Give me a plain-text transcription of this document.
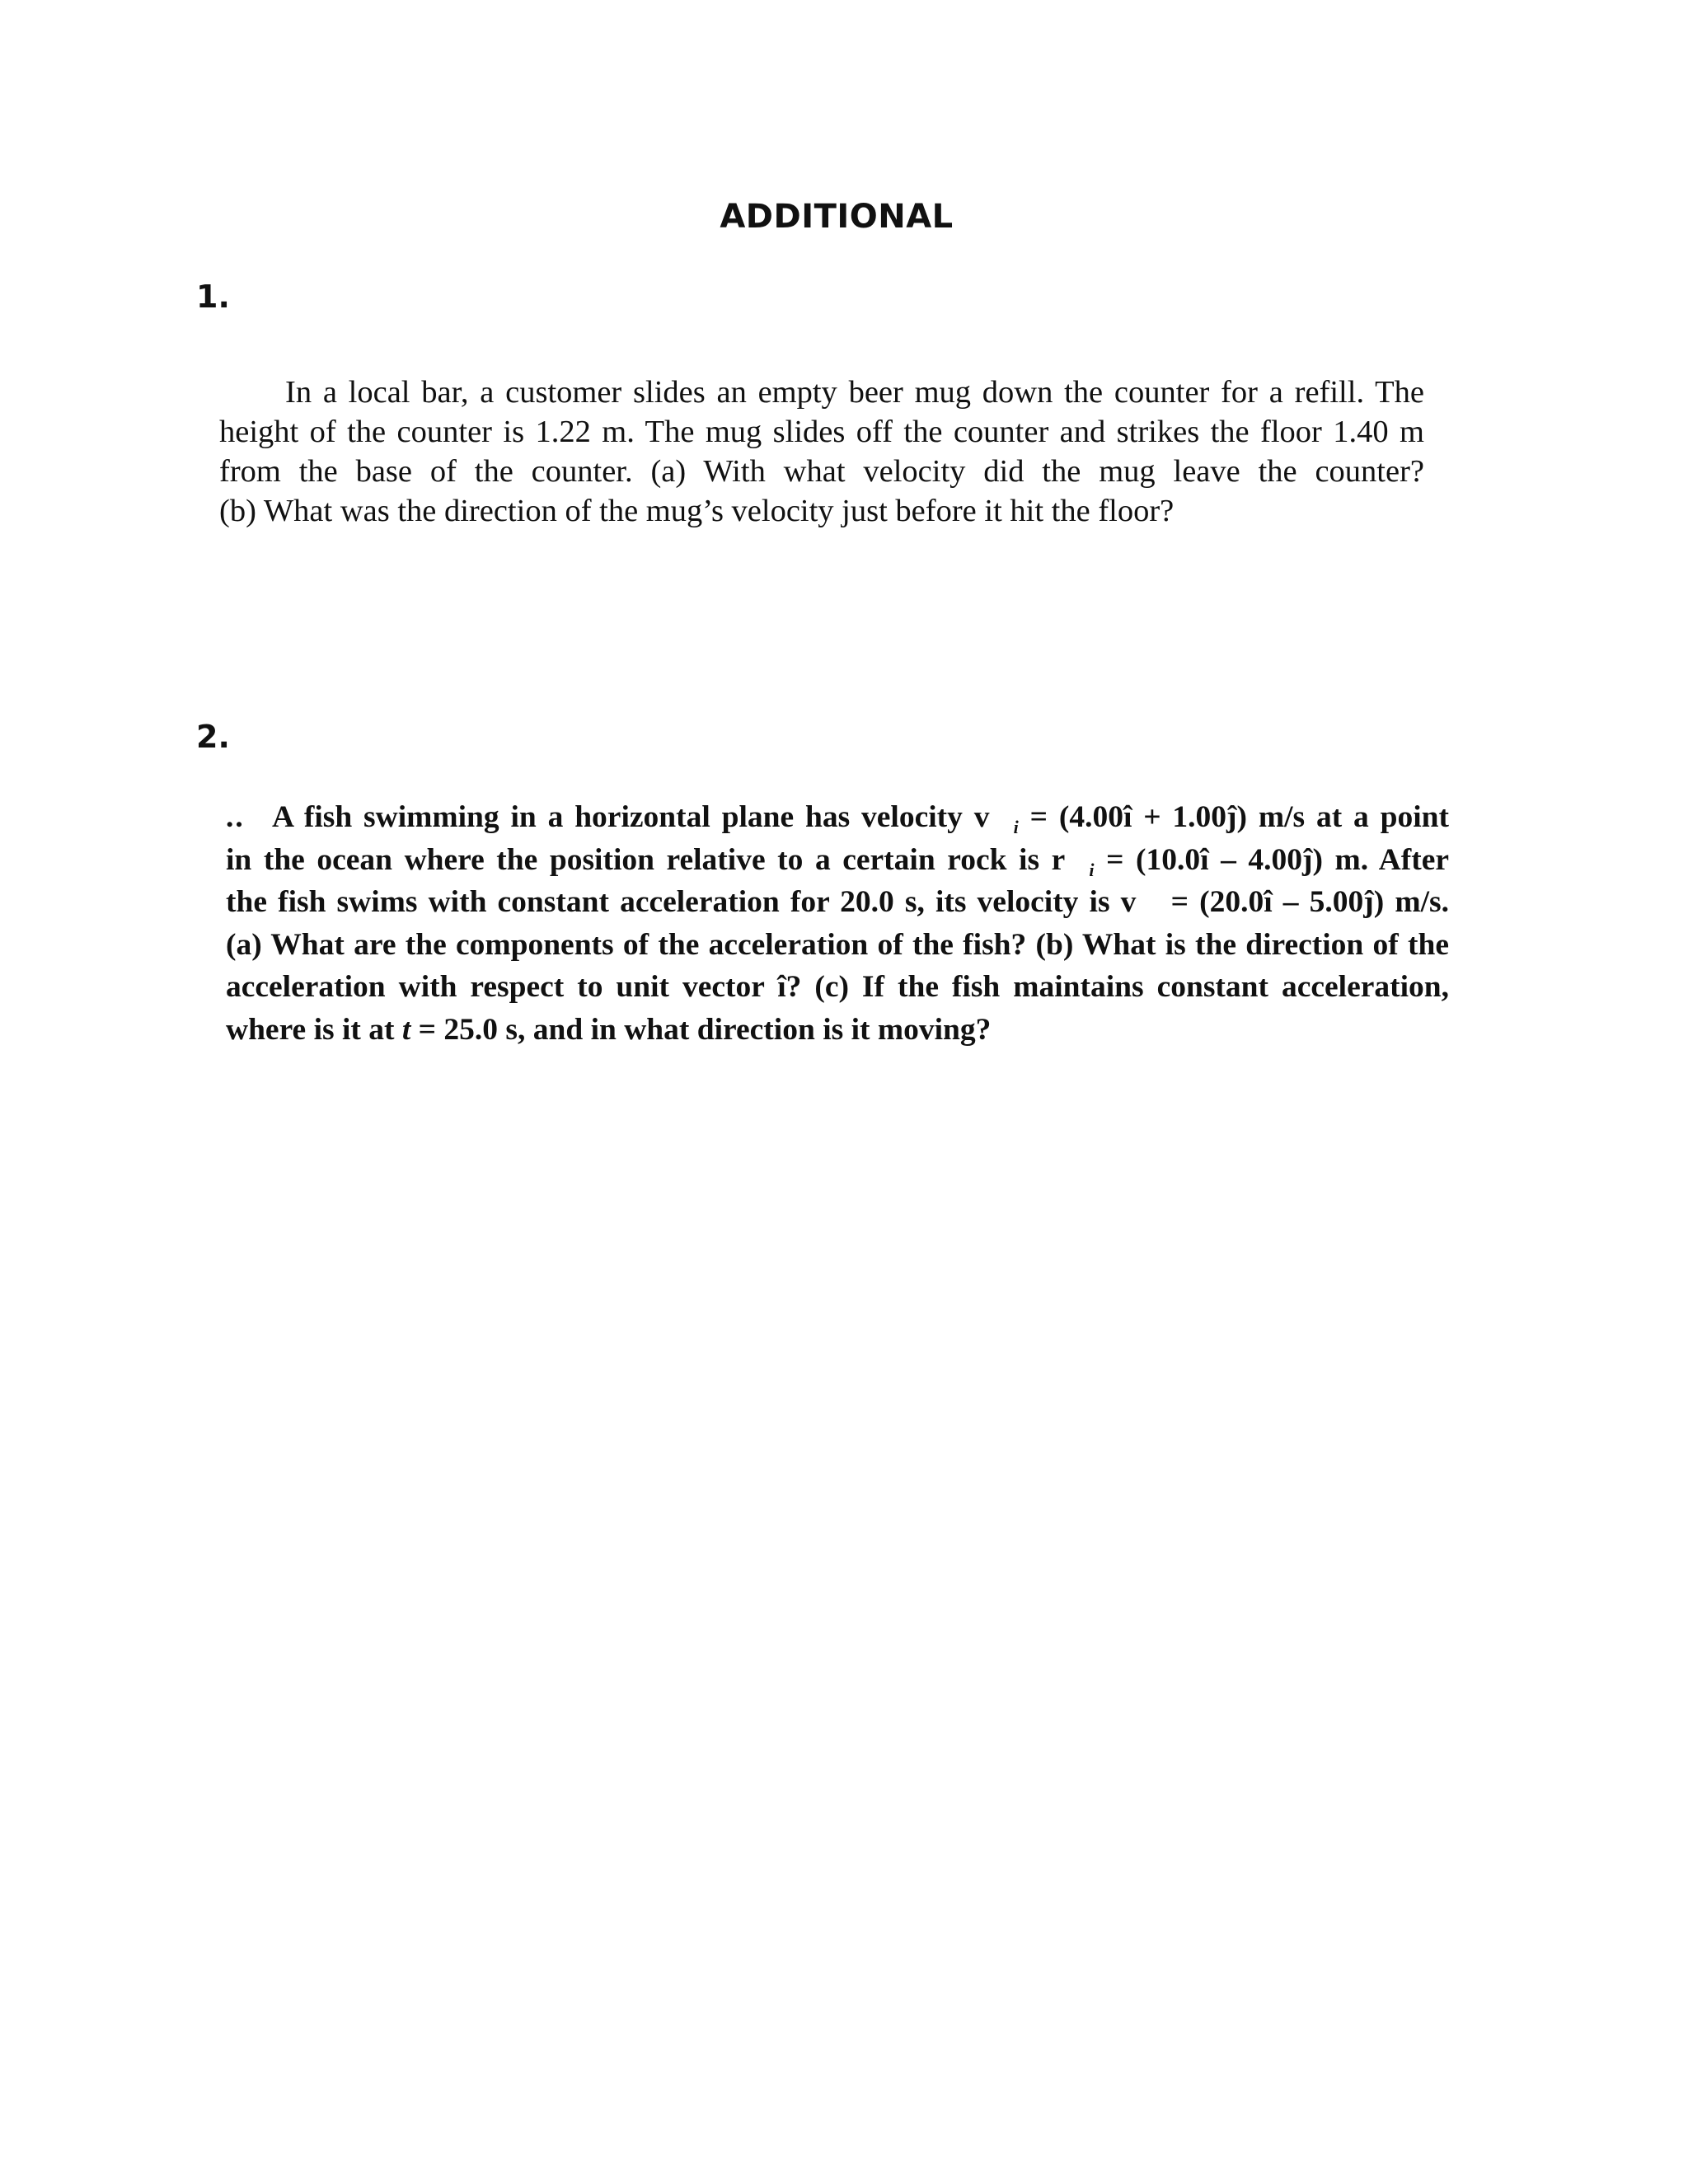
ADDITIONAL
1.
In a local bar, a customer slides an empty beer mug down the counter for a refill. The
height of the counter is 1.22 m. The mug slides off the counter and strikes the floor 1.40 m
from the base of the counter. (a) With what velocity did the mug leave the counter?
(b) What was the direction of the mug’s velocity just before it hit the floor?
2.
.. A fish swimming in a horizontal plane has velocity $v⃗_i$ = (4.00î + 1.00ĵ) m/s at a point
in the ocean where the position relative to a certain rock is $r⃗_i$ = (10.0î – 4.00ĵ) m. After
the fish swims with constant acceleration for 20.0 s, its velocity is v⃗ = (20.0î – 5.00ĵ) m/s.
(a) What are the components of the acceleration of the fish? (b) What is the direction of the
acceleration with respect to unit vector î? (c) If the fish maintains constant acceleration,
where is it at t = 25.0 s, and in what direction is it moving?
